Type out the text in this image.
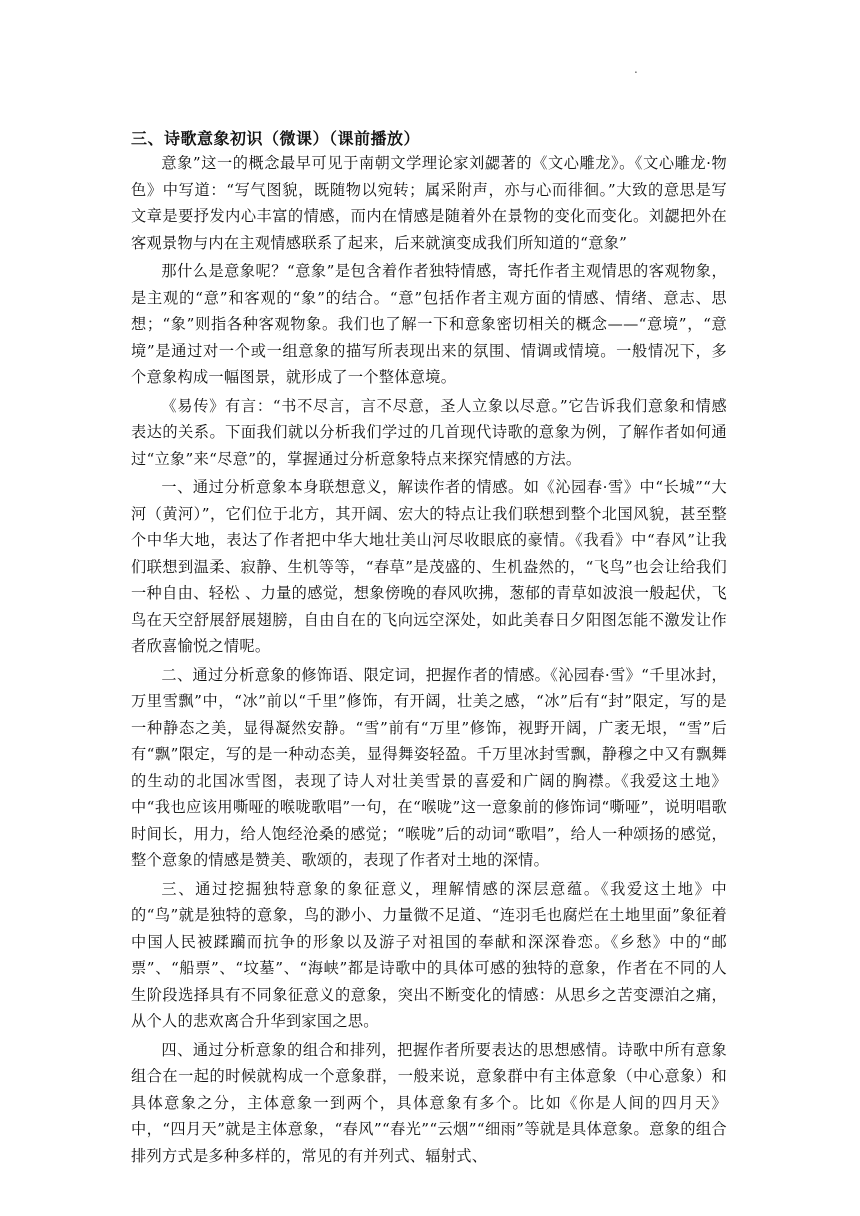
.
三、诗歌意象初识（微课）（课前播放）

意象”这一的概念最早可见于南朝文学理论家刘勰著的《文心雕龙》。《文心雕龙·物色》中写道：“写气图貌，既随物以宛转；属采附声，亦与心而徘徊。”大致的意思是写文章是要抒发内心丰富的情感，而内在情感是随着外在景物的变化而变化。刘勰把外在客观景物与内在主观情感联系了起来，后来就演变成我们所知道的“意象”

那什么是意象呢？“意象”是包含着作者独特情感，寄托作者主观情思的客观物象，是主观的“意”和客观的“象”的结合。“意”包括作者主观方面的情感、情绪、意志、思想；“象”则指各种客观物象。我们也了解一下和意象密切相关的概念——“意境”，“意境”是通过对一个或一组意象的描写所表现出来的氛围、情调或情境。一般情况下，多个意象构成一幅图景，就形成了一个整体意境。

《易传》有言：“书不尽言，言不尽意，圣人立象以尽意。”它告诉我们意象和情感表达的关系。下面我们就以分析我们学过的几首现代诗歌的意象为例，了解作者如何通过“立象”来“尽意”的，掌握通过分析意象特点来探究情感的方法。

一、通过分析意象本身联想意义，解读作者的情感。如《沁园春·雪》中“长城”“大河（黄河）”，它们位于北方，其开阔、宏大的特点让我们联想到整个北国风貌，甚至整个中华大地，表达了作者把中华大地壮美山河尽收眼底的豪情。《我看》中“春风”让我们联想到温柔、寂静、生机等等，“春草”是茂盛的、生机盎然的，“飞鸟”也会让给我们一种自由、轻松 、力量的感觉，想象傍晚的春风吹拂，葱郁的青草如波浪一般起伏，飞鸟在天空舒展舒展翅膀，自由自在的飞向远空深处，如此美春日夕阳图怎能不激发让作者欣喜愉悦之情呢。

二、通过分析意象的修饰语、限定词，把握作者的情感。《沁园春·雪》“千里冰封，万里雪飘”中，“冰”前以“千里”修饰，有开阔，壮美之感，“冰”后有“封”限定，写的是一种静态之美，显得凝然安静。“雪”前有“万里”修饰，视野开阔，广袤无垠，“雪”后有“飘”限定，写的是一种动态美，显得舞姿轻盈。千万里冰封雪飘，静穆之中又有飘舞的生动的北国冰雪图，表现了诗人对壮美雪景的喜爱和广阔的胸襟。《我爱这土地》中“我也应该用嘶哑的喉咙歌唱”一句，在“喉咙”这一意象前的修饰词“嘶哑”，说明唱歌时间长，用力，给人饱经沧桑的感觉；“喉咙”后的动词“歌唱”，给人一种颂扬的感觉，整个意象的情感是赞美、歌颂的，表现了作者对土地的深情。

三、通过挖掘独特意象的象征意义，理解情感的深层意蕴。《我爱这土地》中的“鸟”就是独特的意象，鸟的渺小、力量微不足道、“连羽毛也腐烂在土地里面”象征着中国人民被蹂躏而抗争的形象以及游子对祖国的奉献和深深眷恋。《乡愁》中的“邮票”、“船票”、“坟墓”、“海峡”都是诗歌中的具体可感的独特的意象，作者在不同的人生阶段选择具有不同象征意义的意象，突出不断变化的情感：从思乡之苦变漂泊之痛，从个人的悲欢离合升华到家国之思。

四、通过分析意象的组合和排列，把握作者所要表达的思想感情。诗歌中所有意象组合在一起的时候就构成一个意象群，一般来说，意象群中有主体意象（中心意象）和具体意象之分，主体意象一到两个，具体意象有多个。比如《你是人间的四月天》中，“四月天”就是主体意象，“春风”“春光”“云烟”“细雨”等就是具体意象。意象的组合排列方式是多种多样的，常见的有并列式、辐射式、
